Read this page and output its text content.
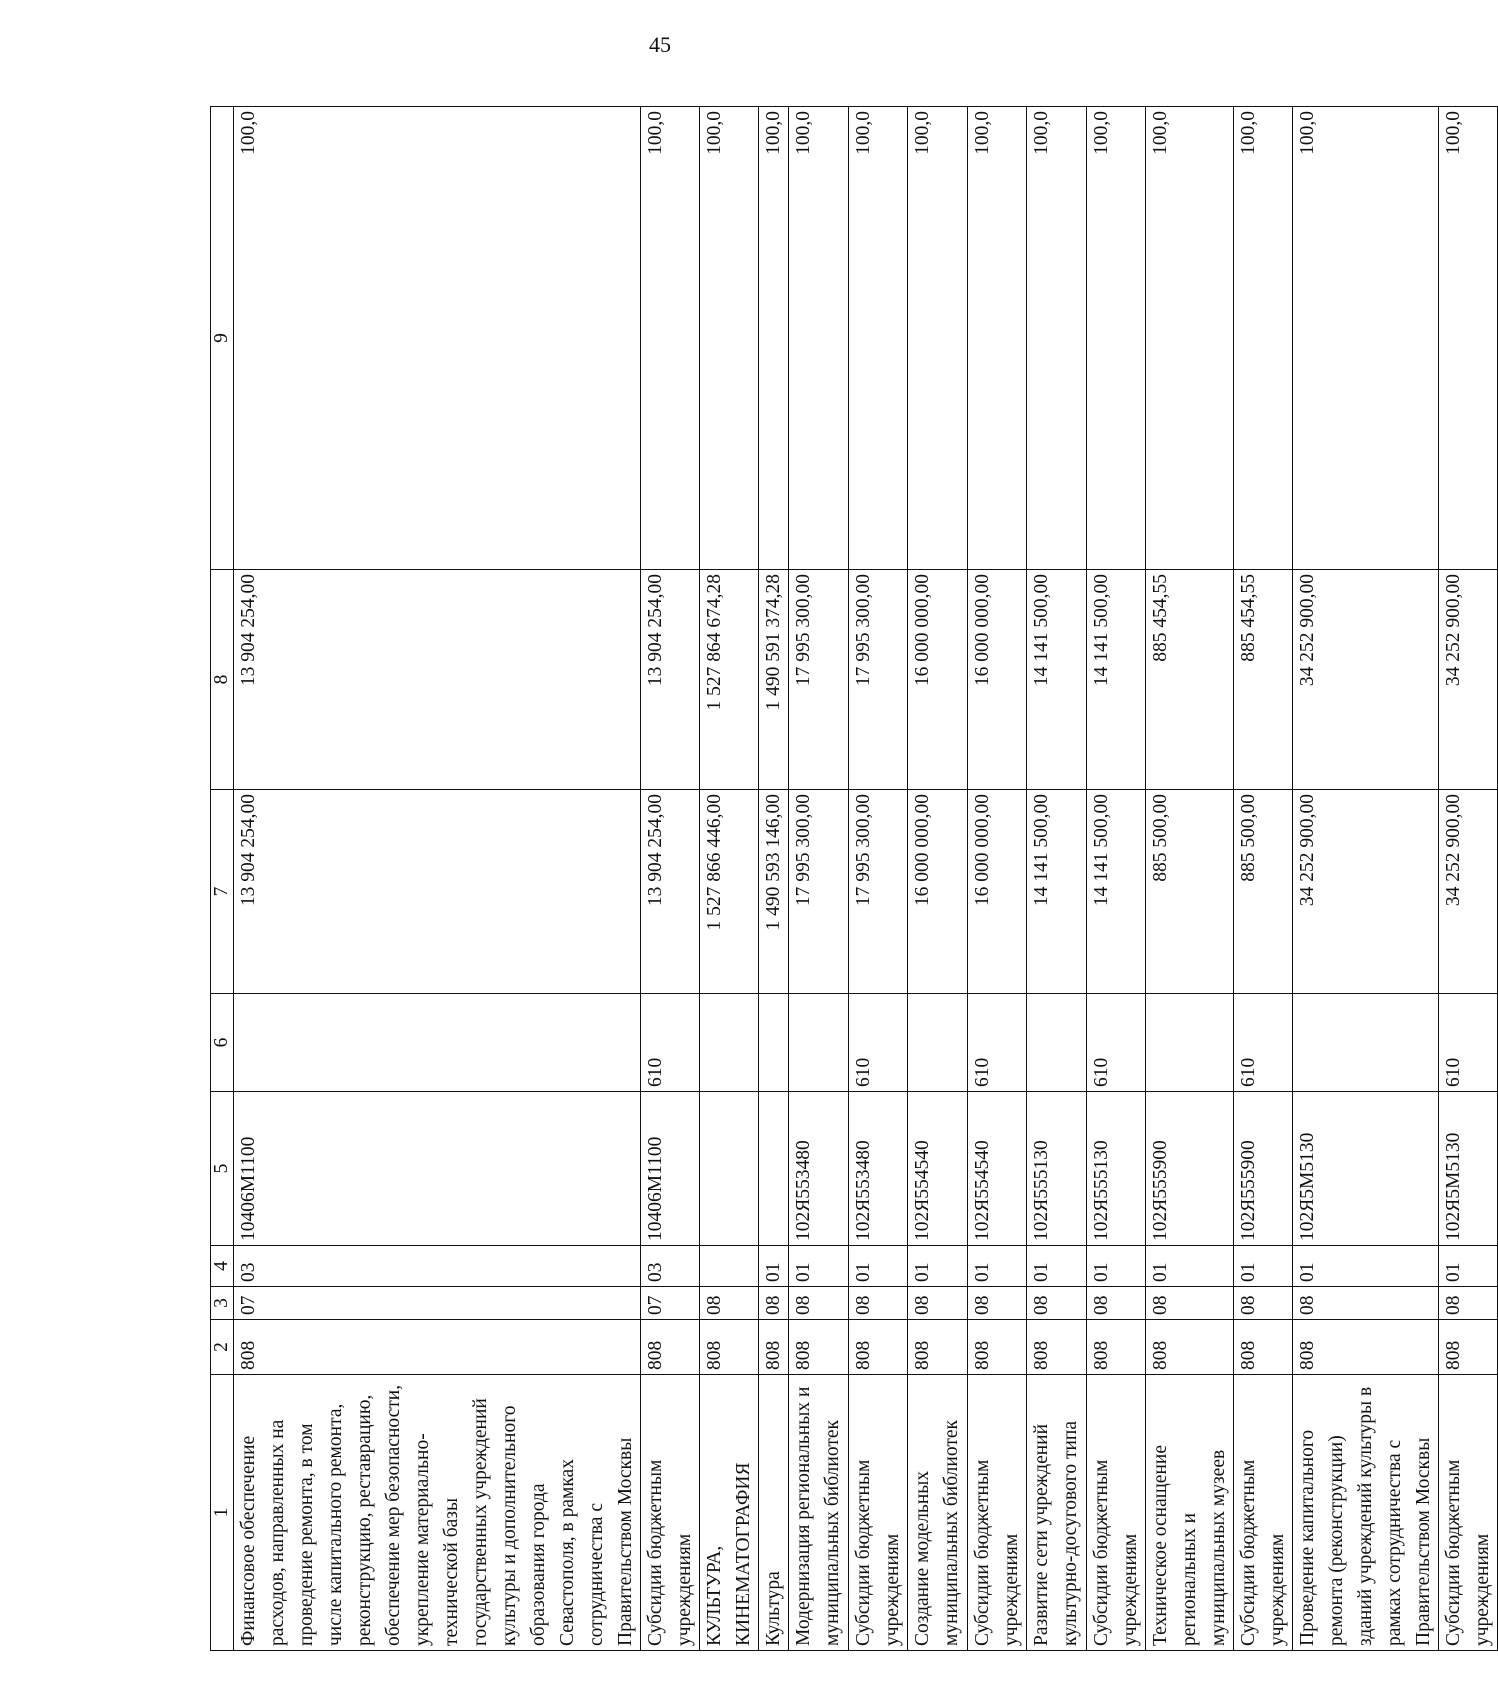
45
1	2	3	4	5	6	7	8	9
Финансовое обеспечение расходов, направленных на проведение ремонта, в том числе капитального ремонта, реконструкцию, реставрацию, обеспечение мер безопасности, укрепление материально-технической базы государственных учреждений культуры и дополнительного образования города Севастополя, в рамках сотрудничества с Правительством Москвы	808	07	03	10406М1100		13 904 254,00	13 904 254,00	100,0
Субсидии бюджетным учреждениям	808	07	03	10406М1100	610	13 904 254,00	13 904 254,00	100,0
КУЛЬТУРА, КИНЕМАТОГРАФИЯ	808	08				1 527 866 446,00	1 527 864 674,28	100,0
Культура	808	08	01			1 490 593 146,00	1 490 591 374,28	100,0
Модернизация региональных и муниципальных библиотек	808	08	01	102Я553480		17 995 300,00	17 995 300,00	100,0
Субсидии бюджетным учреждениям	808	08	01	102Я553480	610	17 995 300,00	17 995 300,00	100,0
Создание модельных муниципальных библиотек	808	08	01	102Я554540		16 000 000,00	16 000 000,00	100,0
Субсидии бюджетным учреждениям	808	08	01	102Я554540	610	16 000 000,00	16 000 000,00	100,0
Развитие сети учреждений культурно-досугового типа	808	08	01	102Я555130		14 141 500,00	14 141 500,00	100,0
Субсидии бюджетным учреждениям	808	08	01	102Я555130	610	14 141 500,00	14 141 500,00	100,0
Техническое оснащение региональных и муниципальных музеев	808	08	01	102Я555900		885 500,00	885 454,55	100,0
Субсидии бюджетным учреждениям	808	08	01	102Я555900	610	885 500,00	885 454,55	100,0
Проведение капитального ремонта (реконструкции) зданий учреждений культуры в рамках сотрудничества с Правительством Москвы	808	08	01	102Я5М5130		34 252 900,00	34 252 900,00	100,0
Субсидии бюджетным учреждениям	808	08	01	102Я5М5130	610	34 252 900,00	34 252 900,00	100,0
